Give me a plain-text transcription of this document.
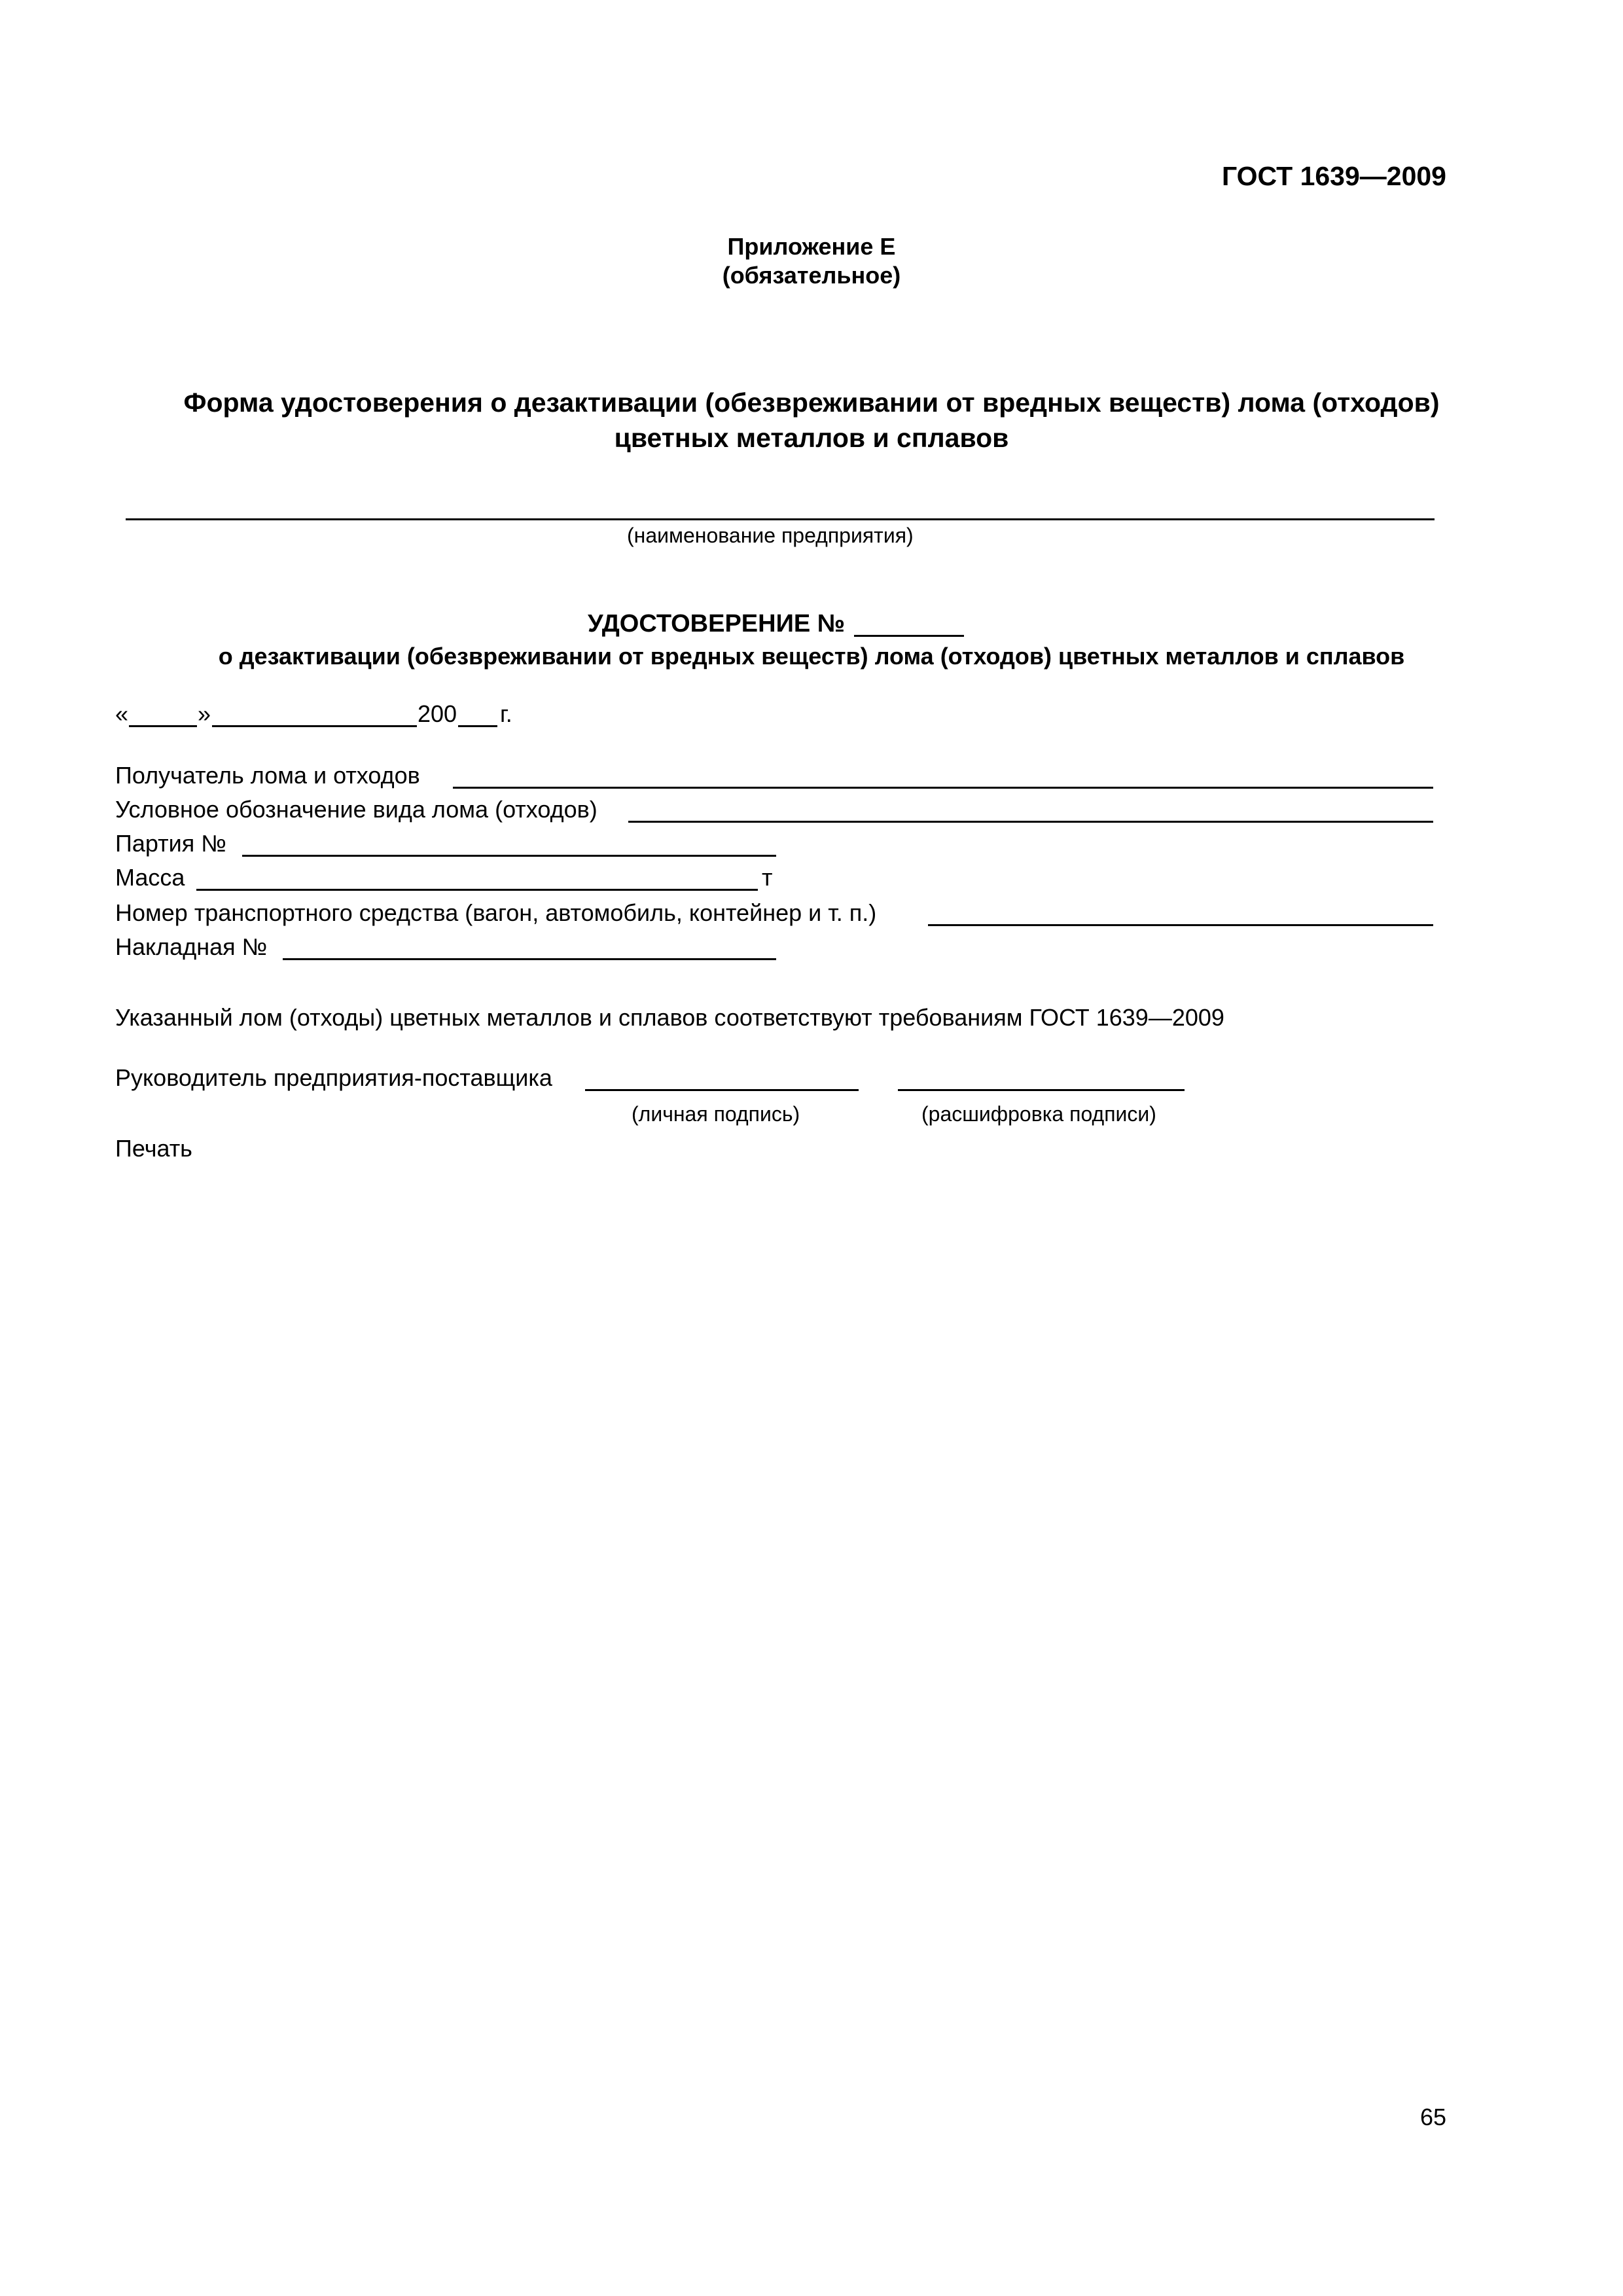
ГОСТ 1639—2009
Приложение Е
(обязательное)
Форма удостоверения о дезактивации (обезвреживании от вредных веществ) лома (отходов)
цветных металлов и сплавов
(наименование предприятия)
УДОСТОВЕРЕНИЕ №
о дезактивации (обезвреживании от вредных веществ) лома (отходов) цветных металлов и сплавов
«	»	200 г.
Получатель лома и отходов
Условное обозначение вида лома (отходов)
Партия №
Масса	т
Номер транспортного средства (вагон, автомобиль, контейнер и т. п.)
Накладная №
Указанный лом (отходы) цветных металлов и сплавов соответствуют требованиям ГОСТ 1639—2009
Руководитель предприятия-поставщика
(личная подпись)	(расшифровка подписи)
Печать
65
